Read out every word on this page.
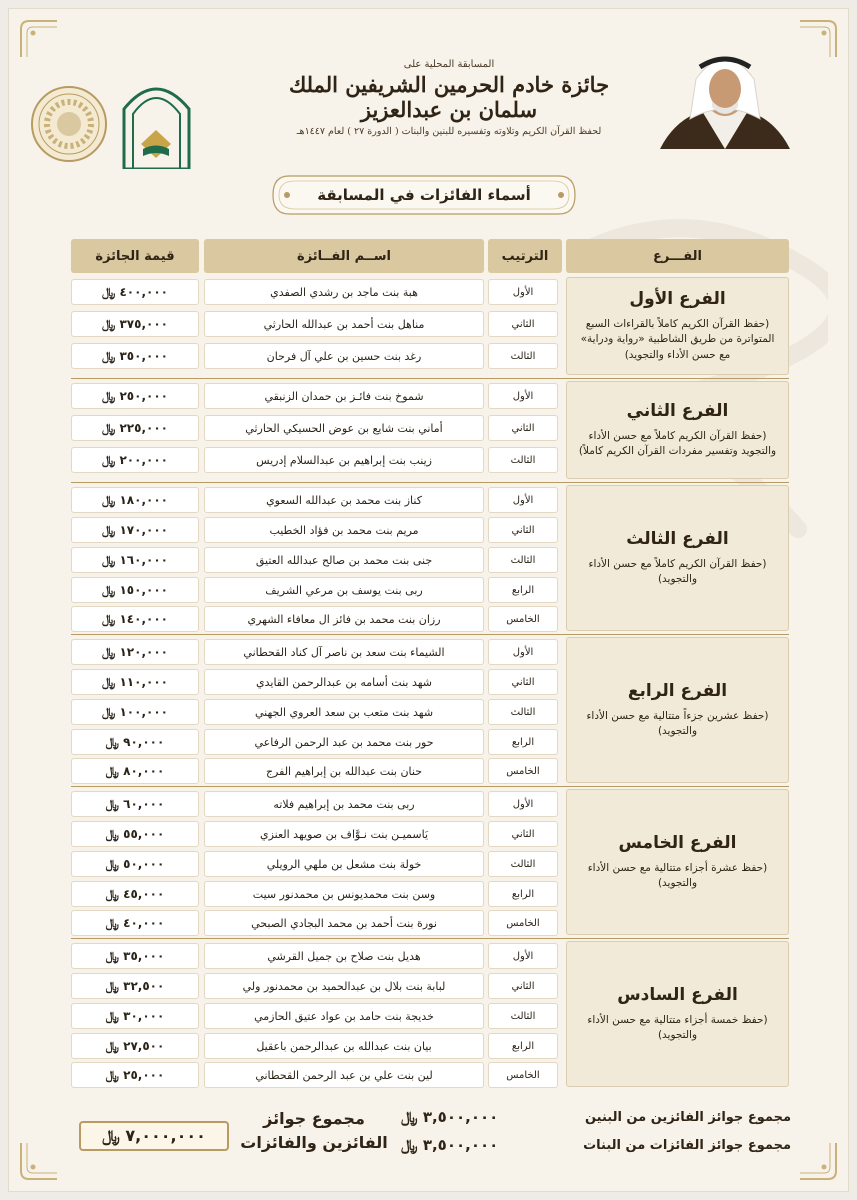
المسابقة المحلية على
جائزة خادم الحرمين الشريفين الملك سلمان بن عبدالعزيز
لحفظ القرآن الكريم وتلاوته وتفسيره للبنين والبنات ( الدورة ٢٧ ) لعام ١٤٤٧هـ
أسماء الفائزات في المسابقة
الفـــرع
الترتيب
اســم الفــائزة
قيمة الجائزة
الفرع الأول
(حفظ القرآن الكريم كاملاً بالقراءات السبع المتواترة من طريق الشاطبية «رواية ودراية» مع حسن الأداء والتجويد)
الأول
هبة بنت ماجد بن رشدي الصفدي
٤٠٠,٠٠٠ ﷼
الثاني
مناهل بنت أحمد بن عبدالله الحارثي
٣٧٥,٠٠٠ ﷼
الثالث
رغد بنت حسين بن علي آل فرحان
٣٥٠,٠٠٠ ﷼
الفرع الثاني
(حفظ القرآن الكريم كاملاً مع حسن الأداء والتجويد وتفسير مفردات القرآن الكريم كاملاً)
الأول
شموخ بنت فائـز بن حمدان الزنبقي
٢٥٠,٠٠٠ ﷼
الثاني
أماني بنت شايع بن عوض الحسيكي الحارثي
٢٢٥,٠٠٠ ﷼
الثالث
زينب بنت إبراهيم بن عبدالسلام إدريس
٢٠٠,٠٠٠ ﷼
الفرع الثالث
(حفظ القرآن الكريم كاملاً مع حسن الأداء والتجويد)
الأول
كناز بنت محمد بن عبدالله السعوي
١٨٠,٠٠٠ ﷼
الثاني
مريم بنت محمد بن فؤاد الخطيب
١٧٠,٠٠٠ ﷼
الثالث
جنى بنت محمد بن صالح عبدالله العتيق
١٦٠,٠٠٠ ﷼
الرابع
ربى بنت يوسف بن مرعي الشريف
١٥٠,٠٠٠ ﷼
الخامس
رزان بنت محمد بن فائز ال معافاء الشهري
١٤٠,٠٠٠ ﷼
الفرع الرابع
(حفظ عشرين جزءاً متتالية مع حسن الأداء والتجويد)
الأول
الشيماء بنت سعد بن ناصر آل كناد القحطاني
١٢٠,٠٠٠ ﷼
الثاني
شهد بنت أسامه بن عبدالرحمن القايدي
١١٠,٠٠٠ ﷼
الثالث
شهد بنت متعب بن سعد العروي الجهني
١٠٠,٠٠٠ ﷼
الرابع
حور بنت محمد بن عبد الرحمن الرفاعي
٩٠,٠٠٠ ﷼
الخامس
حنان بنت عبدالله بن إبراهيم الفرج
٨٠,٠٠٠ ﷼
الفرع الخامس
(حفظ عشرة أجزاء متتالية مع حسن الأداء والتجويد)
الأول
ربى بنت محمد بن إبراهيم فلاته
٦٠,٠٠٠ ﷼
الثاني
يَاسميـن بنت نـوَّاف بن صويهد العنزي
٥٥,٠٠٠ ﷼
الثالث
خولة بنت مشعل بن ملهي الرويلي
٥٠,٠٠٠ ﷼
الرابع
وسن بنت محمديونس بن محمدنور سيت
٤٥,٠٠٠ ﷼
الخامس
نورة بنت أحمد بن محمد البجادي الصبحي
٤٠,٠٠٠ ﷼
الفرع السادس
(حفظ خمسة أجزاء متتالية مع حسن الأداء والتجويد)
الأول
هديل بنت صلاح بن جميل القرشي
٣٥,٠٠٠ ﷼
الثاني
لبابة بنت بلال بن عبدالحميد بن محمدنور ولي
٣٢,٥٠٠ ﷼
الثالث
خديجة بنت حامد بن عواد عتيق الحازمي
٣٠,٠٠٠ ﷼
الرابع
بيان بنت عبدالله بن عبدالرحمن باعقيل
٢٧,٥٠٠ ﷼
الخامس
لين بنت علي بن عبد الرحمن القحطاني
٢٥,٠٠٠ ﷼
مجموع جوائز الفائزين من البنين
٣,٥٠٠,٠٠٠ ﷼
مجموع جوائز الفائزات من البنات
٣,٥٠٠,٠٠٠ ﷼
مجموع جوائز
الفائزين والفائزات
٧,٠٠٠,٠٠٠ ﷼
